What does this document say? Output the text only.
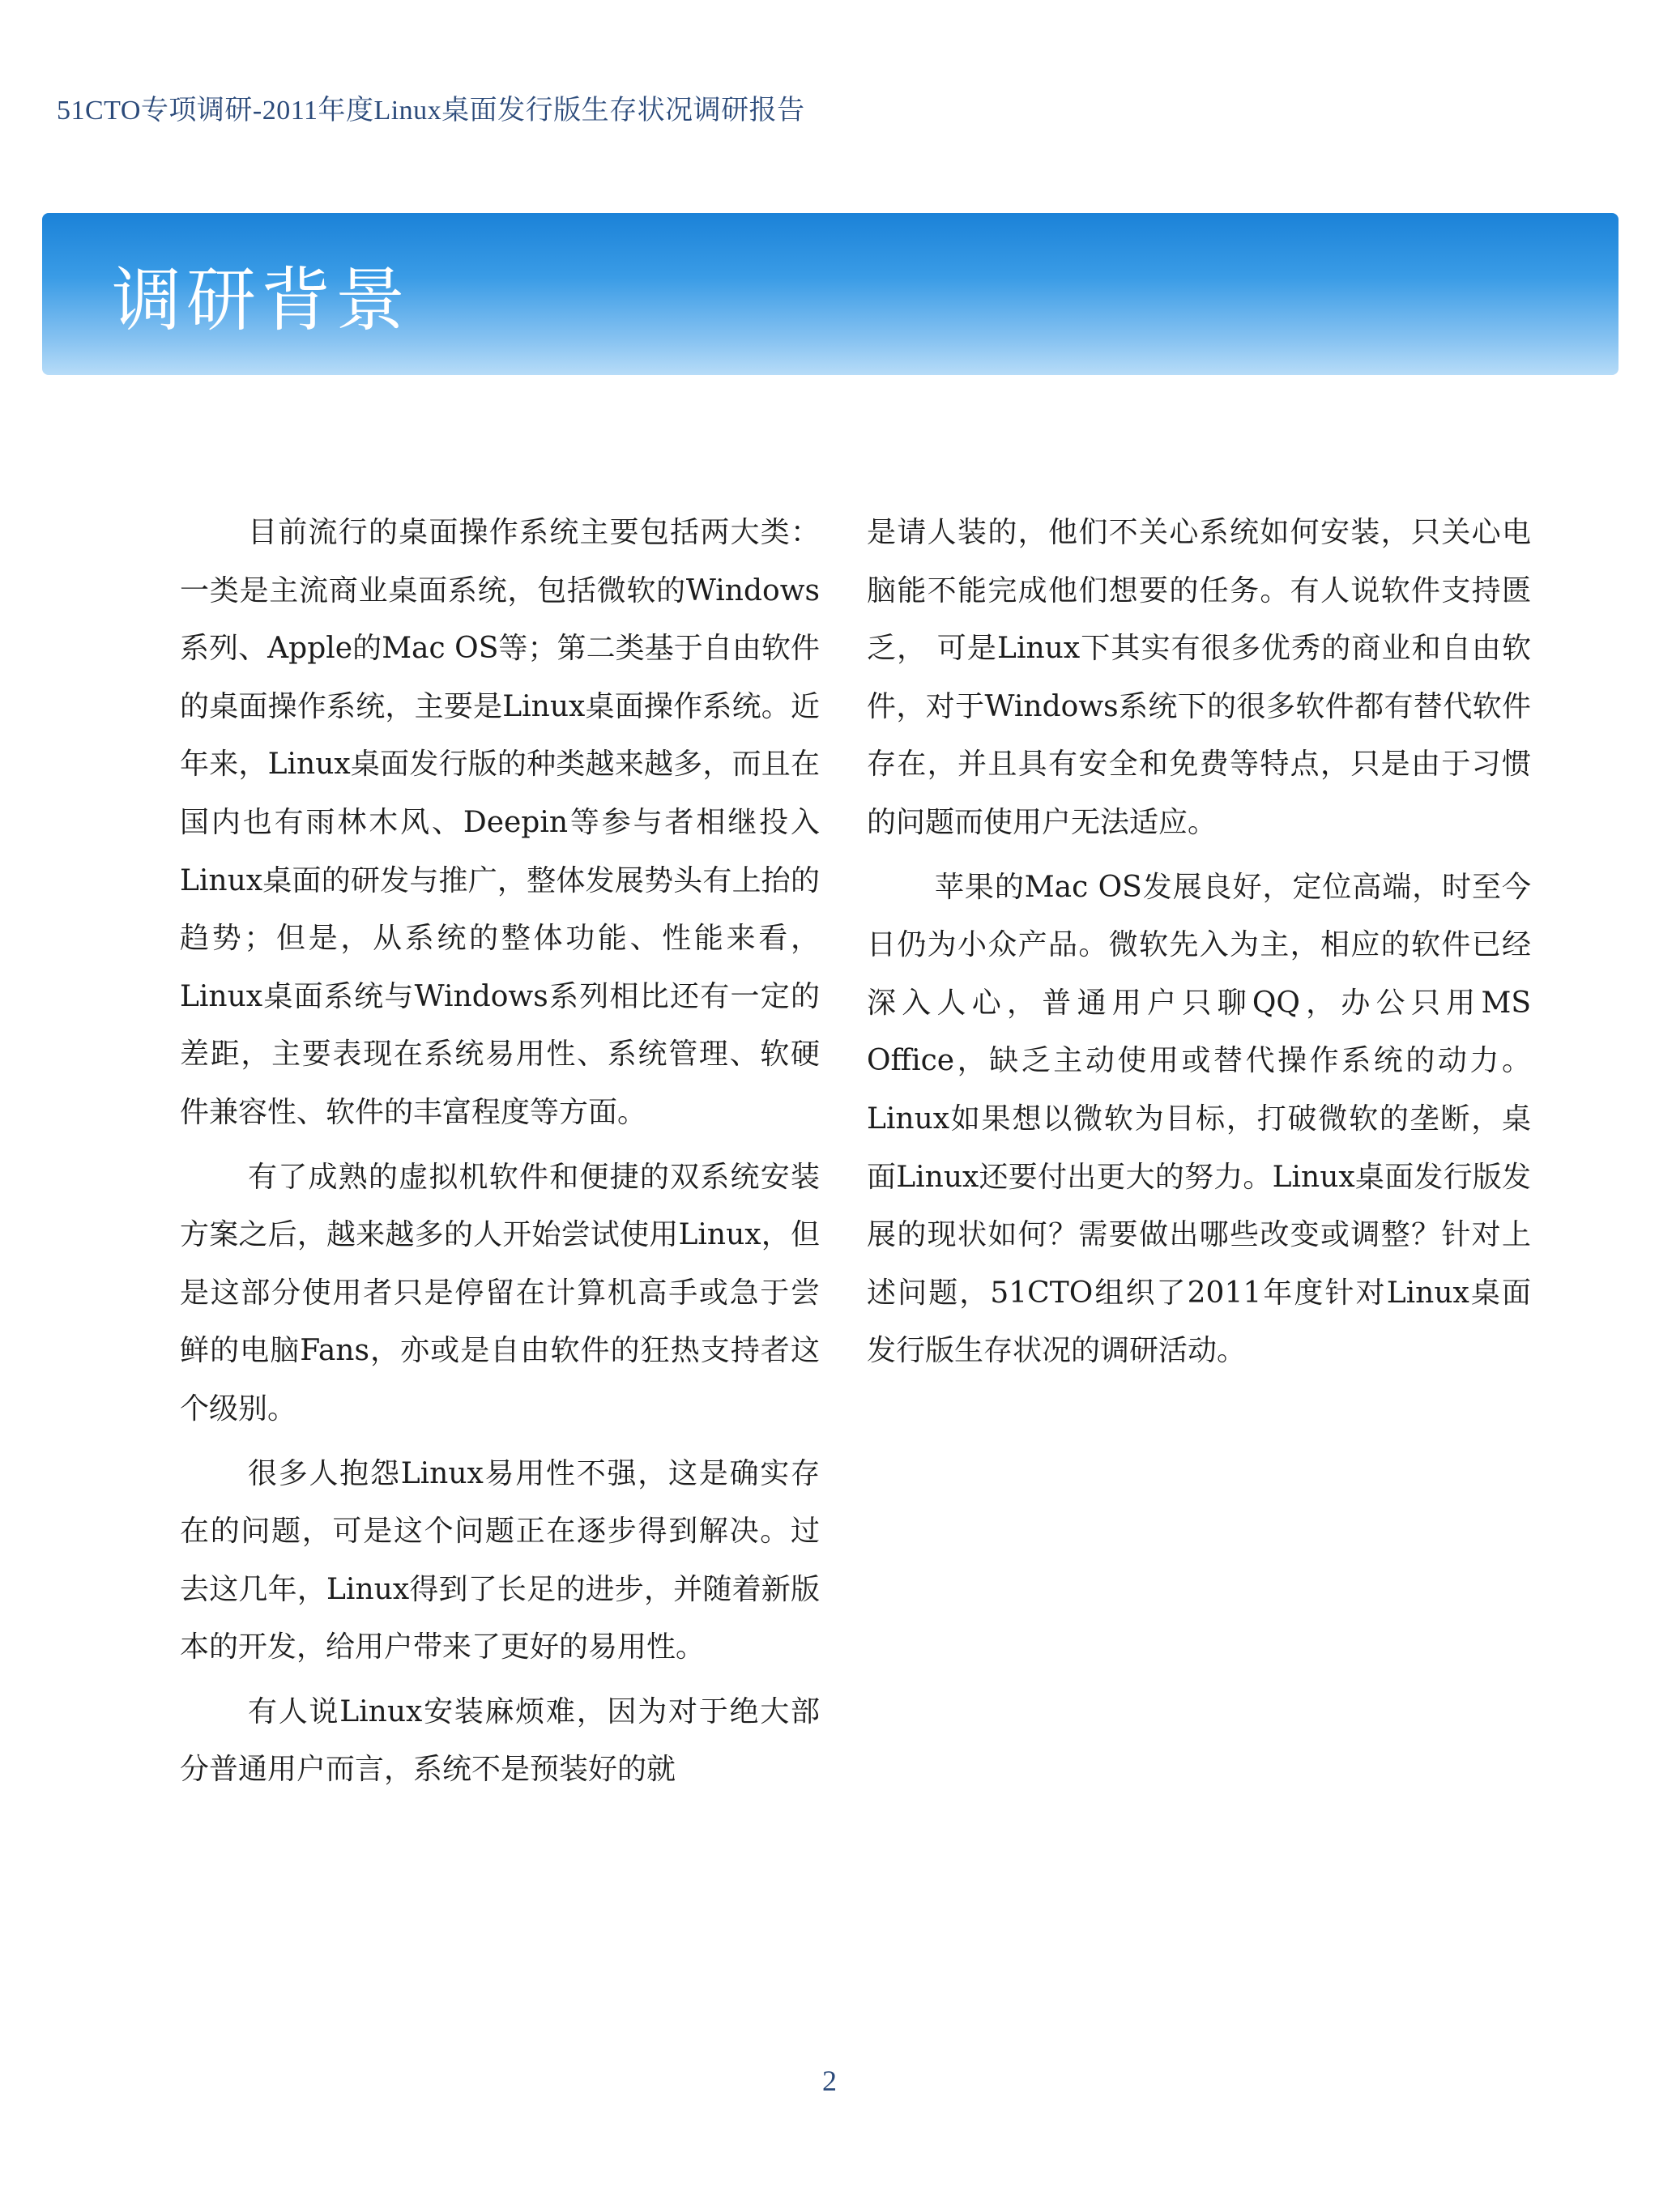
51CTO专项调研-2011年度Linux桌面发行版生存状况调研报告
调研背景

目前流行的桌面操作系统主要包括两大类：一类是主流商业桌面系统，包括微软的Windows系列、Apple的Mac OS等；第二类基于自由软件的桌面操作系统，主要是Linux桌面操作系统。近年来，Linux桌面发行版的种类越来越多，而且在国内也有雨林木风、Deepin等参与者相继投入Linux桌面的研发与推广，整体发展势头有上抬的趋势；但是，从系统的整体功能、性能来看，Linux桌面系统与Windows系列相比还有一定的差距，主要表现在系统易用性、系统管理、软硬件兼容性、软件的丰富程度等方面。

有了成熟的虚拟机软件和便捷的双系统安装方案之后，越来越多的人开始尝试使用Linux，但是这部分使用者只是停留在计算机高手或急于尝鲜的电脑Fans，亦或是自由软件的狂热支持者这个级别。

很多人抱怨Linux易用性不强，这是确实存在的问题，可是这个问题正在逐步得到解决。过去这几年，Linux得到了长足的进步，并随着新版本的开发，给用户带来了更好的易用性。

有人说Linux安装麻烦难，因为对于绝大部分普通用户而言，系统不是预装好的就

是请人装的，他们不关心系统如何安装，只关心电脑能不能完成他们想要的任务。有人说软件支持匮乏， 可是Linux下其实有很多优秀的商业和自由软件，对于Windows系统下的很多软件都有替代软件存在，并且具有安全和免费等特点，只是由于习惯的问题而使用户无法适应。

苹果的Mac OS发展良好，定位高端，时至今日仍为小众产品。微软先入为主，相应的软件已经深入人心，普通用户只聊QQ，办公只用MS Office，缺乏主动使用或替代操作系统的动力。Linux如果想以微软为目标，打破微软的垄断，桌面Linux还要付出更大的努力。Linux桌面发行版发展的现状如何？需要做出哪些改变或调整？针对上述问题，51CTO组织了2011年度针对Linux桌面发行版生存状况的调研活动。

2
